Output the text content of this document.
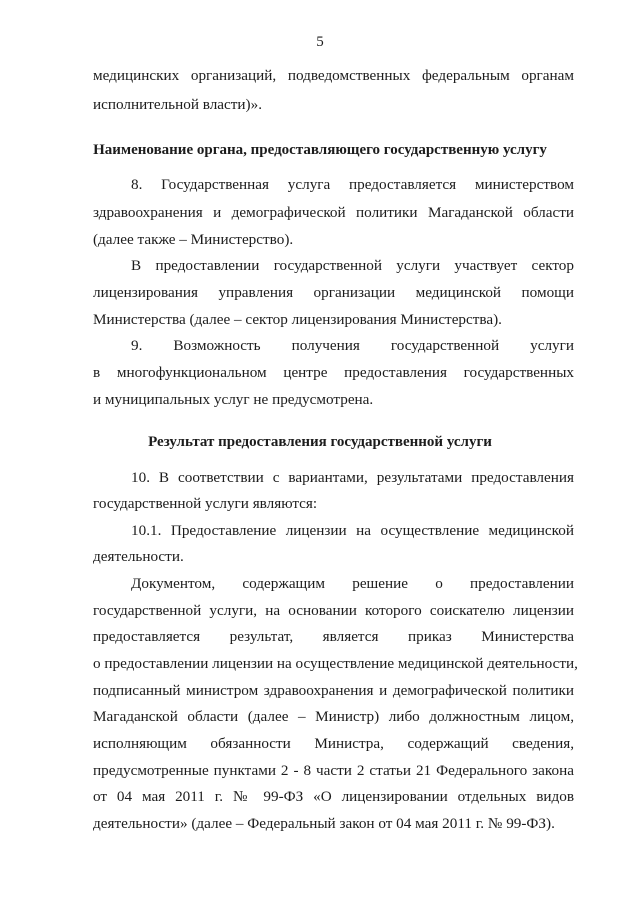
5
медицинских организаций, подведомственных федеральным органам
исполнительной власти)».
Наименование органа, предоставляющего государственную услугу
8. Государственная услуга предоставляется министерством
здравоохранения и демографической политики Магаданской области
(далее также – Министерство).
В предоставлении государственной услуги участвует сектор
лицензирования управления организации медицинской помощи
Министерства (далее – сектор лицензирования Министерства).
9. Возможность получения государственной услуги
в многофункциональном центре предоставления государственных
и муниципальных услуг не предусмотрена.
Результат предоставления государственной услуги
10. В соответствии с вариантами, результатами предоставления
государственной услуги являются:
10.1. Предоставление лицензии на осуществление медицинской
деятельности.
Документом, содержащим решение о предоставлении
государственной услуги, на основании которого соискателю лицензии
предоставляется результат, является приказ Министерства
о предоставлении лицензии на осуществление медицинской деятельности,
подписанный министром здравоохранения и демографической политики
Магаданской области (далее – Министр) либо должностным лицом,
исполняющим обязанности Министра, содержащий сведения,
предусмотренные пунктами 2 - 8 части 2 статьи 21 Федерального закона
от 04 мая 2011 г. № 99-ФЗ «О лицензировании отдельных видов
деятельности» (далее – Федеральный закон от 04 мая 2011 г. № 99-ФЗ).
